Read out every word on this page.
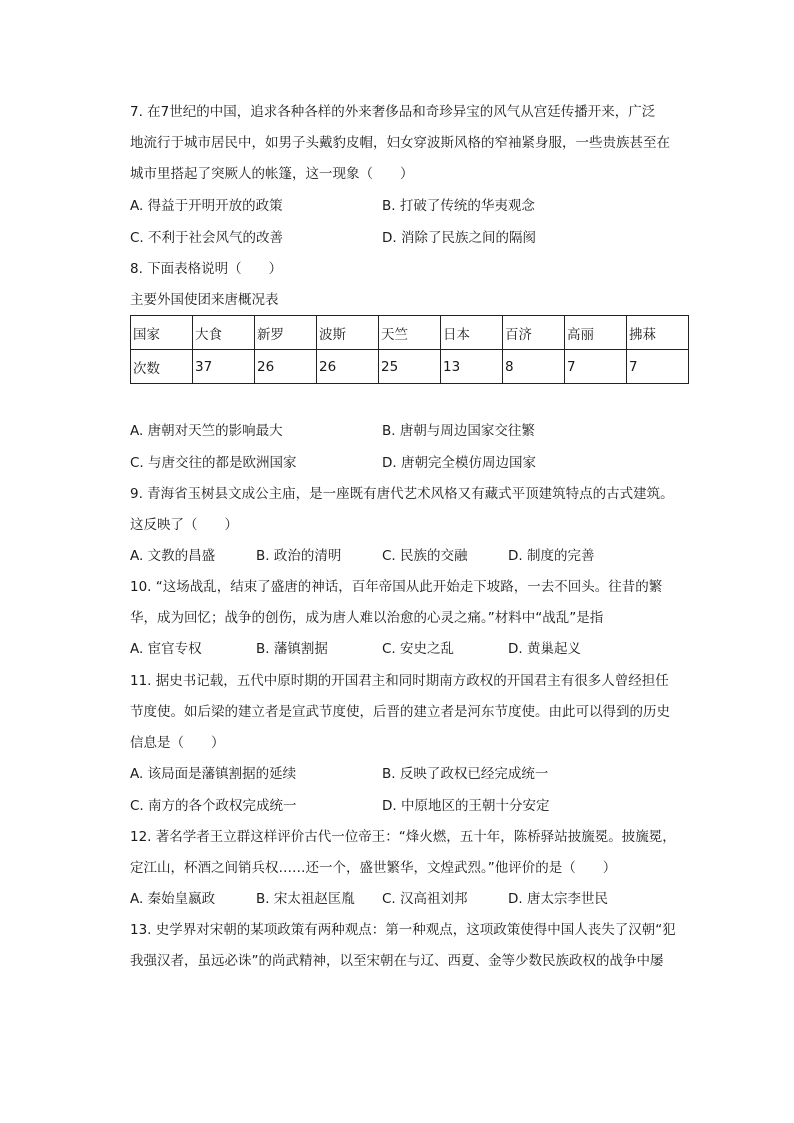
7. 在7世纪的中国，追求各种各样的外来奢侈品和奇珍异宝的风气从宫廷传播开来，广泛
地流行于城市居民中，如男子头戴豹皮帽，妇女穿波斯风格的窄袖紧身服，一些贵族甚至在
城市里搭起了突厥人的帐篷，这一现象（　　）
A. 得益于开明开放的政策	B. 打破了传统的华夷观念
C. 不利于社会风气的改善	D. 消除了民族之间的隔阂
8. 下面表格说明（　　）
主要外国使团来唐概况表
国家	大食	新罗	波斯	天竺	日本	百济	高丽	拂菻
次数	37	26	26	25	13	8	7	7
A. 唐朝对天竺的影响最大	B. 唐朝与周边国家交往繁
C. 与唐交往的都是欧洲国家	D. 唐朝完全模仿周边国家
9. 青海省玉树县文成公主庙，是一座既有唐代艺术风格又有藏式平顶建筑特点的古式建筑。
这反映了（　　）
A. 文教的昌盛	B. 政治的清明	C. 民族的交融	D. 制度的完善
10. “这场战乱，结束了盛唐的神话，百年帝国从此开始走下坡路，一去不回头。往昔的繁
华，成为回忆；战争的创伤，成为唐人难以治愈的心灵之痛。”材料中“战乱”是指
A. 宦官专权	B. 藩镇割据	C. 安史之乱	D. 黄巢起义
11. 据史书记载，五代中原时期的开国君主和同时期南方政权的开国君主有很多人曾经担任
节度使。如后梁的建立者是宣武节度使，后晋的建立者是河东节度使。由此可以得到的历史
信息是（　　）
A. 该局面是藩镇割据的延续	B. 反映了政权已经完成统一
C. 南方的各个政权完成统一	D. 中原地区的王朝十分安定
12. 著名学者王立群这样评价古代一位帝王：“烽火燃，五十年，陈桥驿站披旒冕。披旒冕，
定江山，杯酒之间销兵权……还一个，盛世繁华，文煌武烈。”他评价的是（　　）
A. 秦始皇嬴政	B. 宋太祖赵匡胤 C. 汉高祖刘邦	D. 唐太宗李世民
13. 史学界对宋朝的某项政策有两种观点：第一种观点，这项政策使得中国人丧失了汉朝“犯
我强汉者，虽远必诛”的尚武精神，以至宋朝在与辽、西夏、金等少数民族政权的战争中屡
